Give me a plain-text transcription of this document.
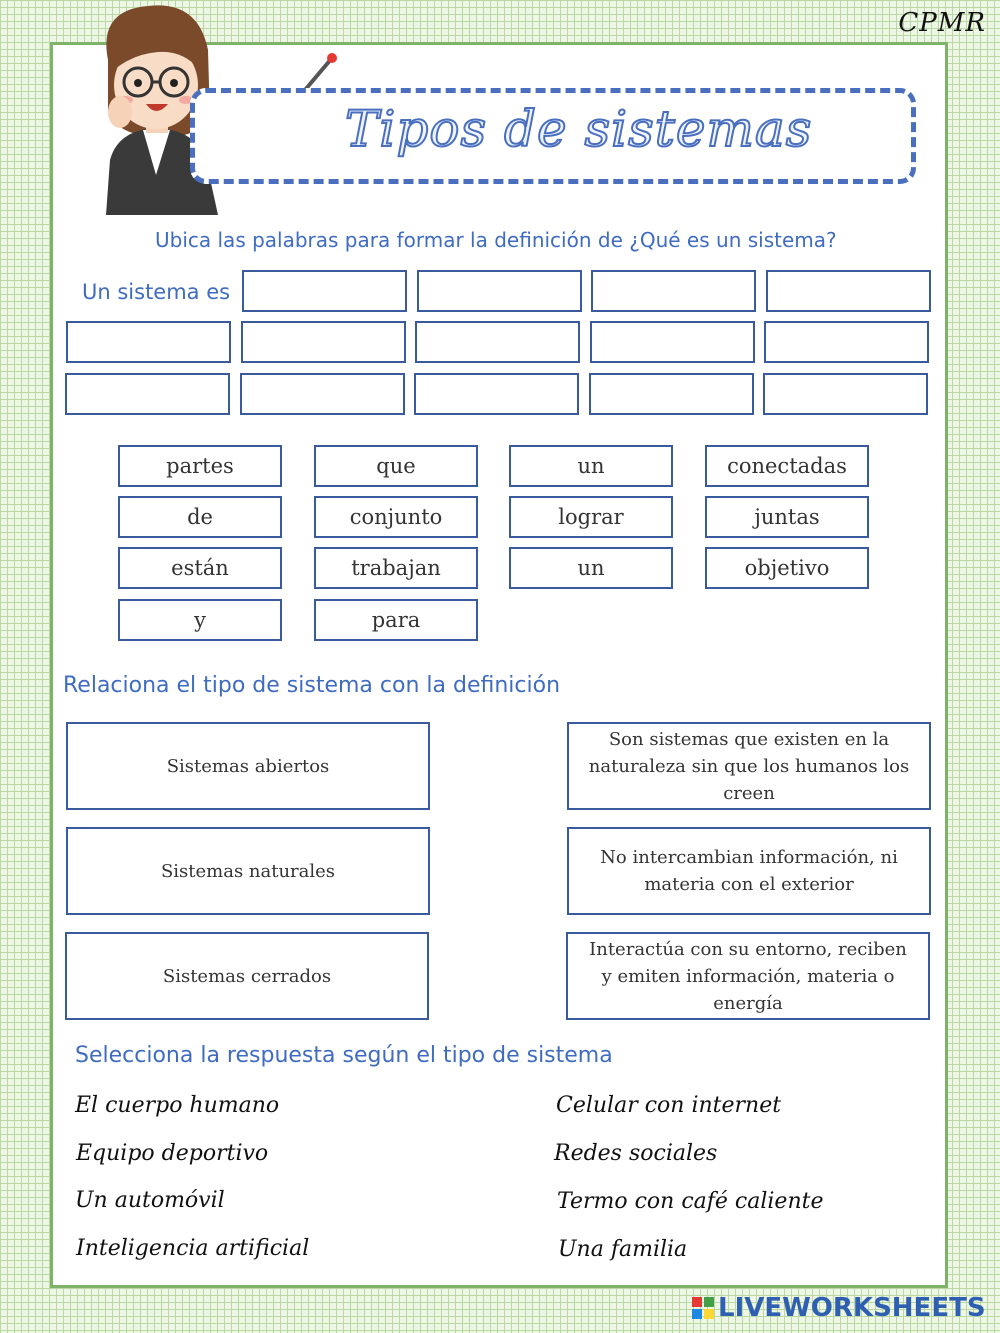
CPMR
Tipos de sistemas
Ubica las palabras para formar la definición de ¿Qué es un sistema?
Un sistema es
partes	que	un	conectadas
de	conjunto	lograr	juntas
están	trabajan	un	objetivo
y	para
Relaciona el tipo de sistema con la definición
Sistemas abiertos
Sistemas naturales
Sistemas cerrados
Son sistemas que existen en la naturaleza sin que los humanos los creen
No intercambian información, ni materia con el exterior
Interactúa con su entorno, reciben y emiten información, materia o energía
Selecciona la respuesta según el tipo de sistema
El cuerpo humano
Equipo deportivo
Un automóvil
Inteligencia artificial
Celular con internet
Redes sociales
Termo con café caliente
Una familia
LIVEWORKSHEETS
